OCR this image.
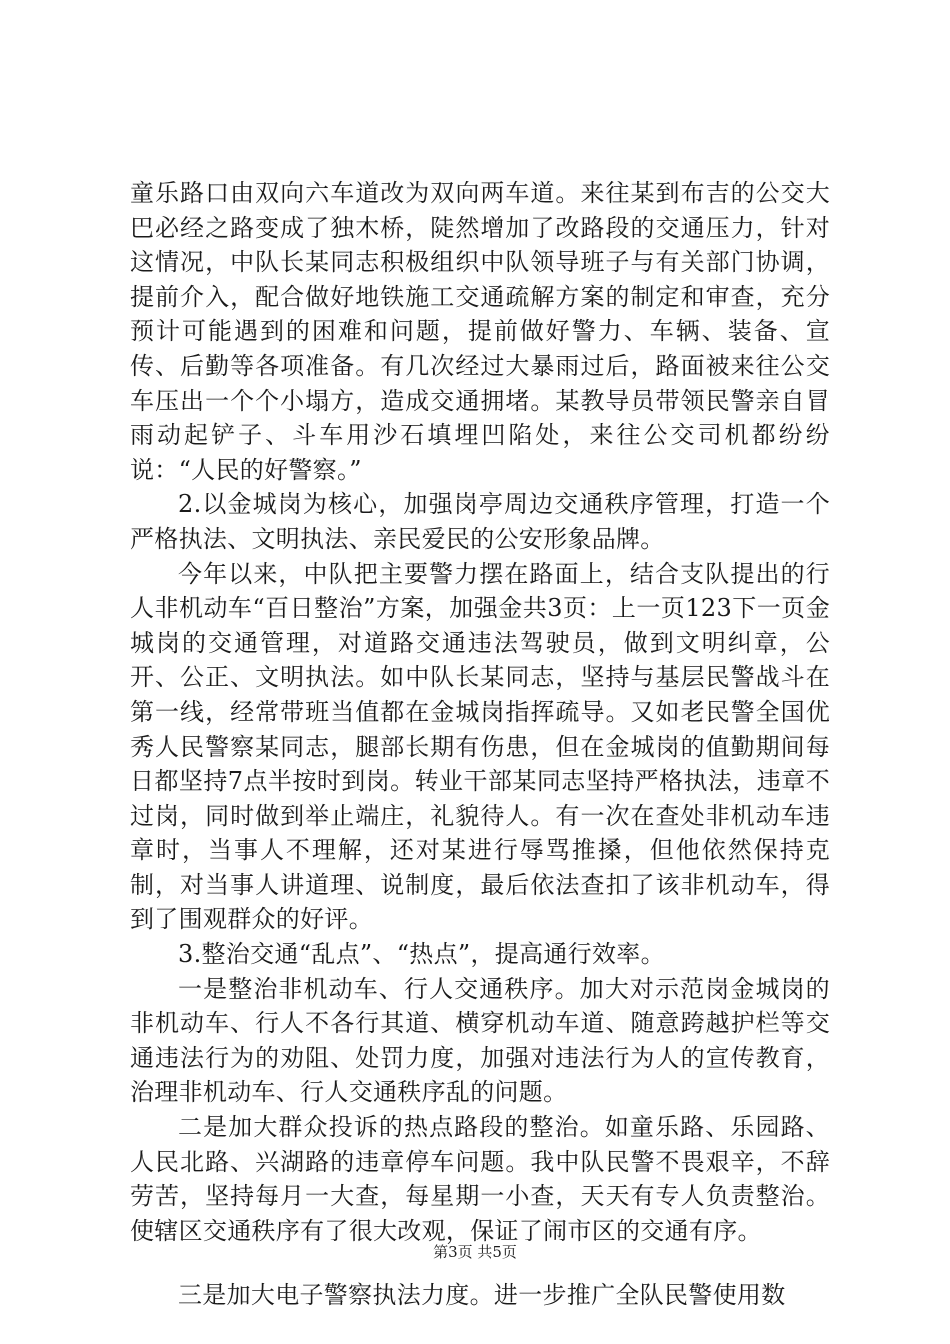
童乐路口由双向六车道改为双向两车道。来往某到布吉的公交大巴必经之路变成了独木桥，陡然增加了改路段的交通压力，针对这情况，中队长某同志积极组织中队领导班子与有关部门协调，提前介入，配合做好地铁施工交通疏解方案的制定和审查，充分预计可能遇到的困难和问题，提前做好警力、车辆、装备、宣传、后勤等各项准备。有几次经过大暴雨过后，路面被来往公交车压出一个个小塌方，造成交通拥堵。某教导员带领民警亲自冒雨动起铲子、斗车用沙石填埋凹陷处，来往公交司机都纷纷说：“人民的好警察。”

2.以金城岗为核心，加强岗亭周边交通秩序管理，打造一个严格执法、文明执法、亲民爱民的公安形象品牌。

今年以来，中队把主要警力摆在路面上，结合支队提出的行人非机动车“百日整治”方案，加强金共3页：上一页123下一页金城岗的交通管理，对道路交通违法驾驶员，做到文明纠章，公开、公正、文明执法。如中队长某同志，坚持与基层民警战斗在第一线，经常带班当值都在金城岗指挥疏导。又如老民警全国优秀人民警察某同志，腿部长期有伤患，但在金城岗的值勤期间每日都坚持7点半按时到岗。转业干部某同志坚持严格执法，违章不过岗，同时做到举止端庄，礼貌待人。有一次在查处非机动车违章时，当事人不理解，还对某进行辱骂推搡，但他依然保持克制，对当事人讲道理、说制度，最后依法查扣了该非机动车，得到了围观群众的好评。

3.整治交通“乱点”、“热点”，提高通行效率。

一是整治非机动车、行人交通秩序。加大对示范岗金城岗的非机动车、行人不各行其道、横穿机动车道、随意跨越护栏等交通违法行为的劝阻、处罚力度，加强对违法行为人的宣传教育，治理非机动车、行人交通秩序乱的问题。

二是加大群众投诉的热点路段的整治。如童乐路、乐园路、人民北路、兴湖路的违章停车问题。我中队民警不畏艰辛，不辞劳苦，坚持每月一大查，每星期一小查，天天有专人负责整治。使辖区交通秩序有了很大改观，保证了闹市区的交通有序。

三是加大电子警察执法力度。进一步推广全队民警使用数

第3页 共5页
